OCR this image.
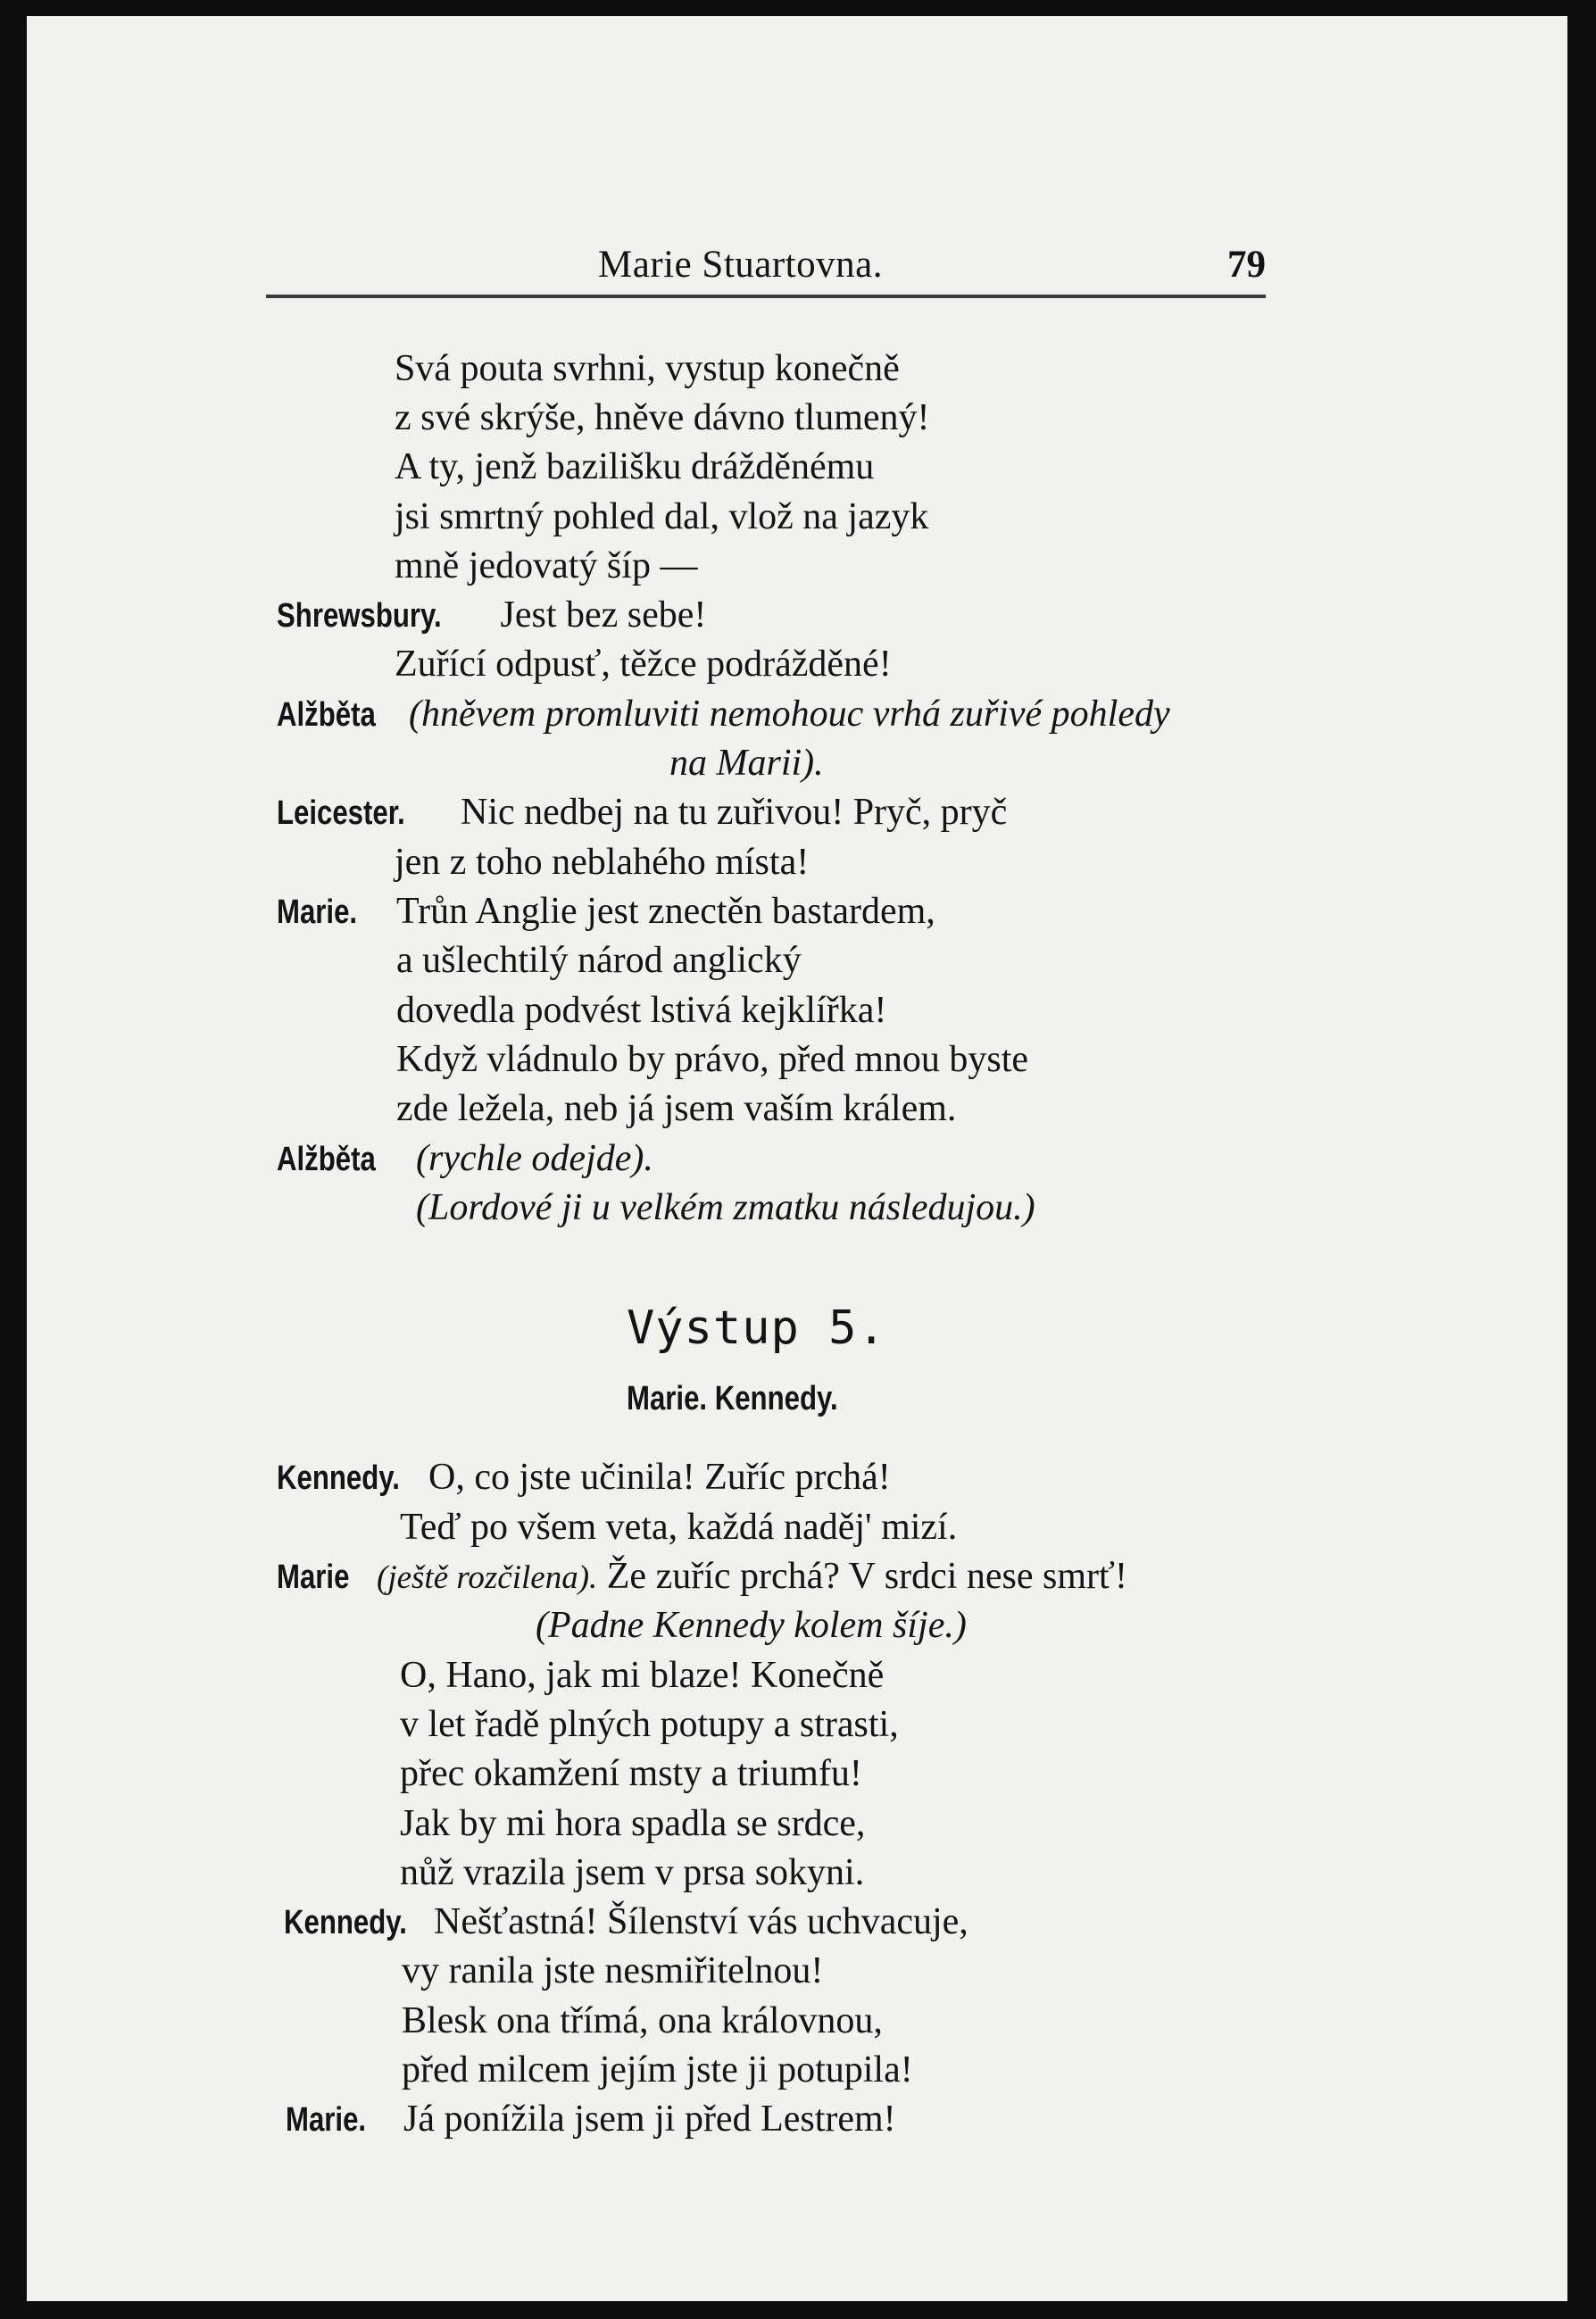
Marie Stuartovna.	79
Svá pouta svrhni, vystup konečně
z své skrýše, hněve dávno tlumený!
A ty, jenž bazilišku drážděnému
jsi smrtný pohled dal, vlož na jazyk
mně jedovatý šíp —
Shrewsbury. Jest bez sebe!
Zuřící odpusť, těžce podrážděné!
Alžběta (hněvem promluviti nemohouc vrhá zuřivé pohledy
na Marii).
Leicester. Nic nedbej na tu zuřivou! Pryč, pryč
jen z toho neblahého místa!
Marie. Trůn Anglie jest znectěn bastardem,
a ušlechtilý národ anglický
dovedla podvést lstivá kejklířka!
Když vládnulo by právo, před mnou byste
zde ležela, neb já jsem vaším králem.
Alžběta (rychle odejde).
(Lordové ji u velkém zmatku následujou.)
Výstup 5.
Marie. Kennedy.
Kennedy. O, co jste učinila! Zuříc prchá!
Teď po všem veta, každá naděj' mizí.
Marie (ještě rozčilena). Že zuříc prchá? V srdci nese smrť!
(Padne Kennedy kolem šíje.)
O, Hano, jak mi blaze! Konečně
v let řadě plných potupy a strasti,
přec okamžení msty a triumfu!
Jak by mi hora spadla se srdce,
nůž vrazila jsem v prsa sokyni.
Kennedy. Nešťastná! Šílenství vás uchvacuje,
vy ranila jste nesmiřitelnou!
Blesk ona třímá, ona královnou,
před milcem jejím jste ji potupila!
Marie. Já ponížila jsem ji před Lestrem!
